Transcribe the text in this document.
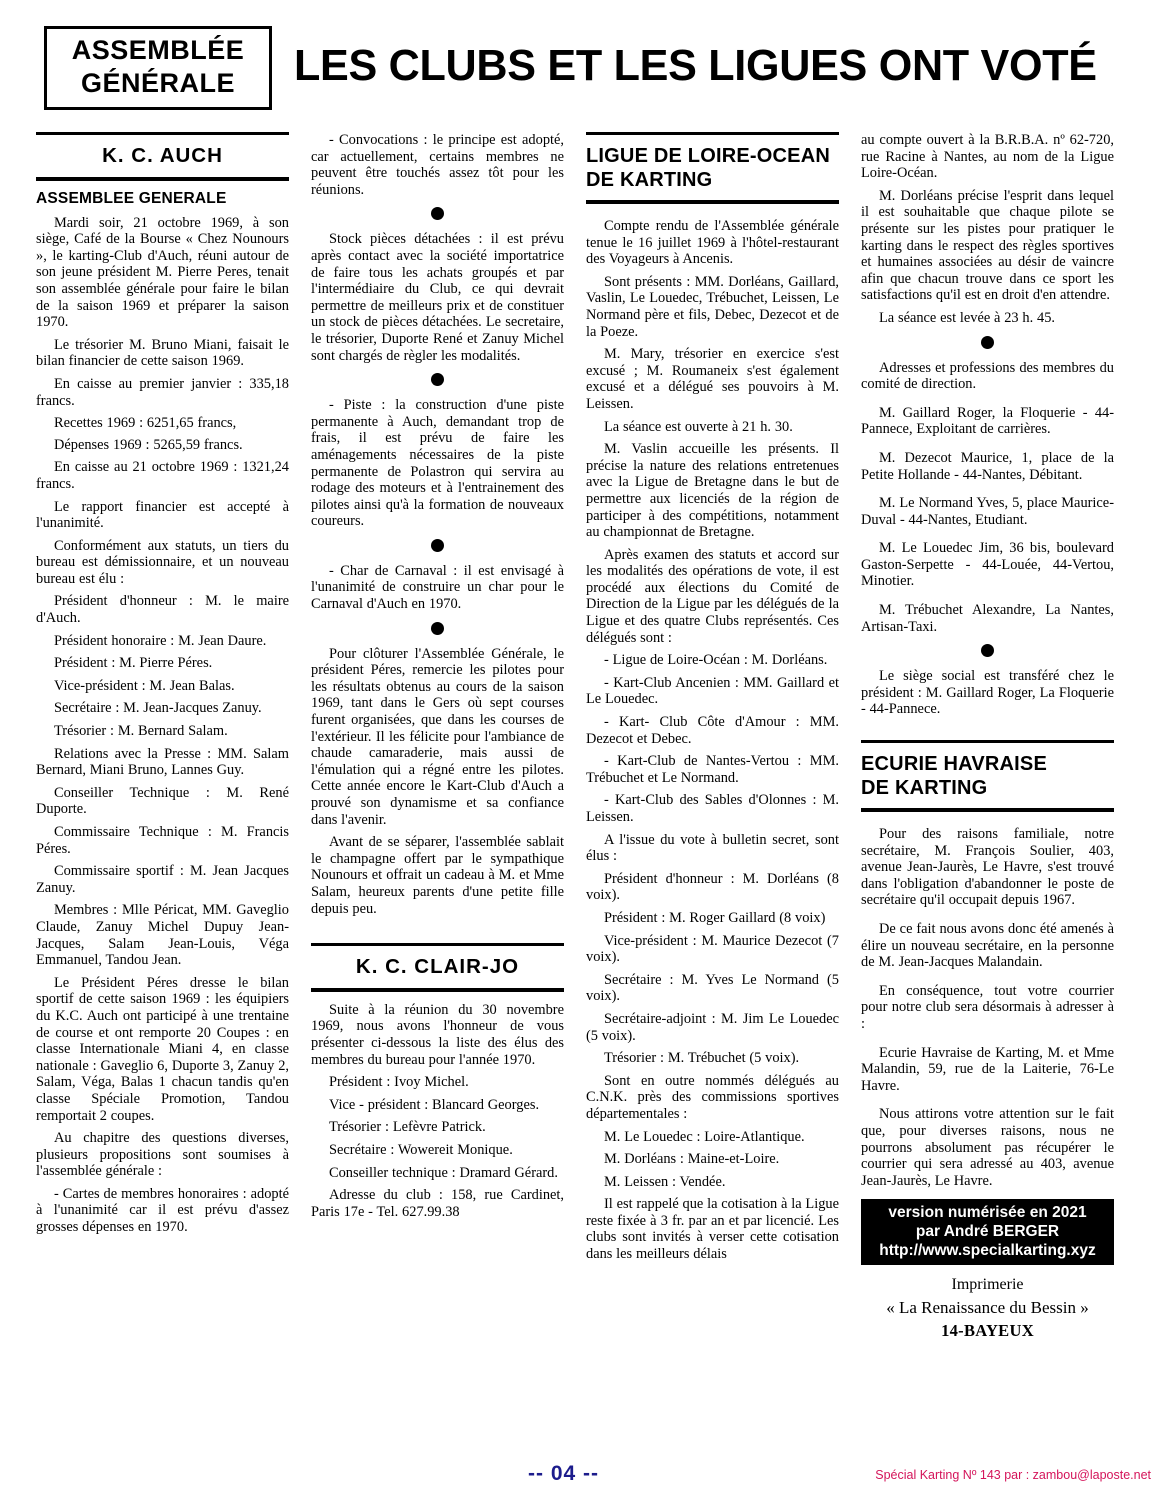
ASSEMBLÉE
GÉNÉRALE	LES CLUBS ET LES LIGUES ONT VOTÉ
K. C. AUCH
ASSEMBLEE GENERALE

Mardi soir, 21 octobre 1969, à son siège, Café de la Bourse « Chez Nounours », le karting-Club d'Auch, réuni autour de son jeune président M. Pierre Peres, tenait son assemblée générale pour faire le bilan de la saison 1969 et préparer la saison 1970.

Le trésorier M. Bruno Miani, faisait le bilan financier de cette saison 1969.

En caisse au premier janvier : 335,18 francs.

Recettes 1969 : 6251,65 francs,

Dépenses 1969 : 5265,59 francs.

En caisse au 21 octobre 1969 : 1321,24 francs.

Le rapport financier est accepté à l'unanimité.

Conformément aux statuts, un tiers du bureau est démissionnaire, et un nouveau bureau est élu :

Président d'honneur : M. le maire d'Auch.

Président honoraire : M. Jean Daure.

Président : M. Pierre Péres.

Vice-président : M. Jean Balas.

Secrétaire : M. Jean-Jacques Zanuy.

Trésorier : M. Bernard Salam.

Relations avec la Presse : MM. Salam Bernard, Miani Bruno, Lannes Guy.

Conseiller Technique : M. René Duporte.

Commissaire Technique : M. Francis Péres.

Commissaire sportif : M. Jean Jacques Zanuy.

Membres : Mlle Péricat, MM. Gaveglio Claude, Zanuy Michel Dupuy Jean-Jacques, Salam Jean-Louis, Véga Emmanuel, Tandou Jean.

Le Président Péres dresse le bilan sportif de cette saison 1969 : les équipiers du K.C. Auch ont participé à une trentaine de course et ont remporte 20 Coupes : en classe Internationale Miani 4, en classe nationale : Gaveglio 6, Duporte 3, Zanuy 2, Salam, Véga, Balas 1 chacun tandis qu'en classe Spéciale Promotion, Tandou remportait 2 coupes.

Au chapitre des questions diverses, plusieurs propositions sont soumises à l'assemblée générale :

- Cartes de membres honoraires : adopté à l'unanimité car il est prévu d'assez grosses dépenses en 1970.

- Convocations : le principe est adopté, car actuellement, certains membres ne peuvent être touchés assez tôt pour les réunions.

Stock pièces détachées : il est prévu après contact avec la société importatrice de faire tous les achats groupés et par l'intermédiaire du Club, ce qui devrait permettre de meilleurs prix et de constituer un stock de pièces détachées. Le secretaire, le trésorier, Duporte René et Zanuy Michel sont chargés de règler les modalités.

- Piste : la construction d'une piste permanente à Auch, demandant trop de frais, il est prévu de faire les aménagements nécessaires de la piste permanente de Polastron qui servira au rodage des moteurs et à l'entrainement des pilotes ainsi qu'à la formation de nouveaux coureurs.

- Char de Carnaval : il est envisagé à l'unanimité de construire un char pour le Carnaval d'Auch en 1970.

Pour clôturer l'Assemblée Générale, le président Péres, remercie les pilotes pour les résultats obtenus au cours de la saison 1969, tant dans le Gers où sept courses furent organisées, que dans les courses de l'extérieur. Il les félicite pour l'ambiance de chaude camaraderie, mais aussi de l'émulation qui a régné entre les pilotes. Cette année encore le Kart-Club d'Auch a prouvé son dynamisme et sa confiance dans l'avenir.

Avant de se séparer, l'assemblée sablait le champagne offert par le sympathique Nounours et offrait un cadeau à M. et Mme Salam, heureux parents d'une petite fille depuis peu.

K. C. CLAIR-JO

Suite à la réunion du 30 novembre 1969, nous avons l'honneur de vous présenter ci-dessous la liste des élus des membres du bureau pour l'année 1970.

Président : Ivoy Michel.

Vice - président : Blancard Georges.

Trésorier : Lefèvre Patrick.

Secrétaire : Wowereit Monique.

Conseiller technique : Dramard Gérard.

Adresse du club : 158, rue Cardinet, Paris 17e - Tel. 627.99.38

LIGUE DE LOIRE-OCEAN
DE KARTING

Compte rendu de l'Assemblée générale tenue le 16 juillet 1969 à l'hôtel-restaurant des Voyageurs à Ancenis.

Sont présents : MM. Dorléans, Gaillard, Vaslin, Le Louedec, Trébuchet, Leissen, Le Normand père et fils, Debec, Dezecot et de la Poeze.

M. Mary, trésorier en exercice s'est excusé ; M. Roumaneix s'est également excusé et a délégué ses pouvoirs à M. Leissen.

La séance est ouverte à 21 h. 30.

M. Vaslin accueille les présents. Il précise la nature des relations entretenues avec la Ligue de Bretagne dans le but de permettre aux licenciés de la région de participer à des compétitions, notamment au championnat de Bretagne.

Après examen des statuts et accord sur les modalités des opérations de vote, il est procédé aux élections du Comité de Direction de la Ligue par les délégués de la Ligue et des quatre Clubs représentés. Ces délégués sont :

- Ligue de Loire-Océan : M. Dorléans.

- Kart-Club Ancenien : MM. Gaillard et Le Louedec.

- Kart- Club Côte d'Amour : MM. Dezecot et Debec.

- Kart-Club de Nantes-Vertou : MM. Trébuchet et Le Normand.

- Kart-Club des Sables d'Olonnes : M. Leissen.

A l'issue du vote à bulletin secret, sont élus :

Président d'honneur : M. Dorléans (8 voix).

Président : M. Roger Gaillard (8 voix)

Vice-président : M. Maurice Dezecot (7 voix).

Secrétaire : M. Yves Le Normand (5 voix).

Secrétaire-adjoint : M. Jim Le Louedec (5 voix).

Trésorier : M. Trébuchet (5 voix).

Sont en outre nommés délégués au C.N.K. près des commissions sportives départementales :

M. Le Louedec : Loire-Atlantique.

M. Dorléans : Maine-et-Loire.

M. Leissen : Vendée.

Il est rappelé que la cotisation à la Ligue reste fixée à 3 fr. par an et par licencié. Les clubs sont invités à verser cette cotisation dans les meilleurs délais

au compte ouvert à la B.R.B.A. nº 62-720, rue Racine à Nantes, au nom de la Ligue Loire-Océan.

M. Dorléans précise l'esprit dans lequel il est souhaitable que chaque pilote se présente sur les pistes pour pratiquer le karting dans le respect des règles sportives et humaines associées au désir de vaincre afin que chacun trouve dans ce sport les satisfactions qu'il est en droit d'en attendre.

La séance est levée à 23 h. 45.

Adresses et professions des membres du comité de direction.

M. Gaillard Roger, la Floquerie - 44-Pannece, Exploitant de carrières.

M. Dezecot Maurice, 1, place de la Petite Hollande - 44-Nantes, Débitant.

M. Le Normand Yves, 5, place Maurice-Duval - 44-Nantes, Etudiant.

M. Le Louedec Jim, 36 bis, boulevard Gaston-Serpette - 44-Louée, 44-Vertou, Minotier.

M. Trébuchet Alexandre, La Nantes, Artisan-Taxi.

Le siège social est transféré chez le président : M. Gaillard Roger, La Floquerie - 44-Pannece.

ECURIE HAVRAISE
DE KARTING

Pour des raisons familiale, notre secrétaire, M. François Soulier, 403, avenue Jean-Jaurès, Le Havre, s'est trouvé dans l'obligation d'abandonner le poste de secrétaire qu'il occupait depuis 1967.

De ce fait nous avons donc été amenés à élire un nouveau secrétaire, en la personne de M. Jean-Jacques Malandain.

En conséquence, tout votre courrier pour notre club sera désormais à adresser à :

Ecurie Havraise de Karting, M. et Mme Malandin, 59, rue de la Laiterie, 76-Le Havre.

Nous attirons votre attention sur le fait que, pour diverses raisons, nous ne pourrons absolument pas récupérer le courrier qui sera adressé au 403, avenue Jean-Jaurès, Le Havre.

version numérisée en 2021
par André BERGER
http://www.specialkarting.xyz
Imprimerie
« La Renaissance du Bessin »
14-BAYEUX
-- 04 --	Spécial Karting Nº 143 par : zambou@laposte.net
